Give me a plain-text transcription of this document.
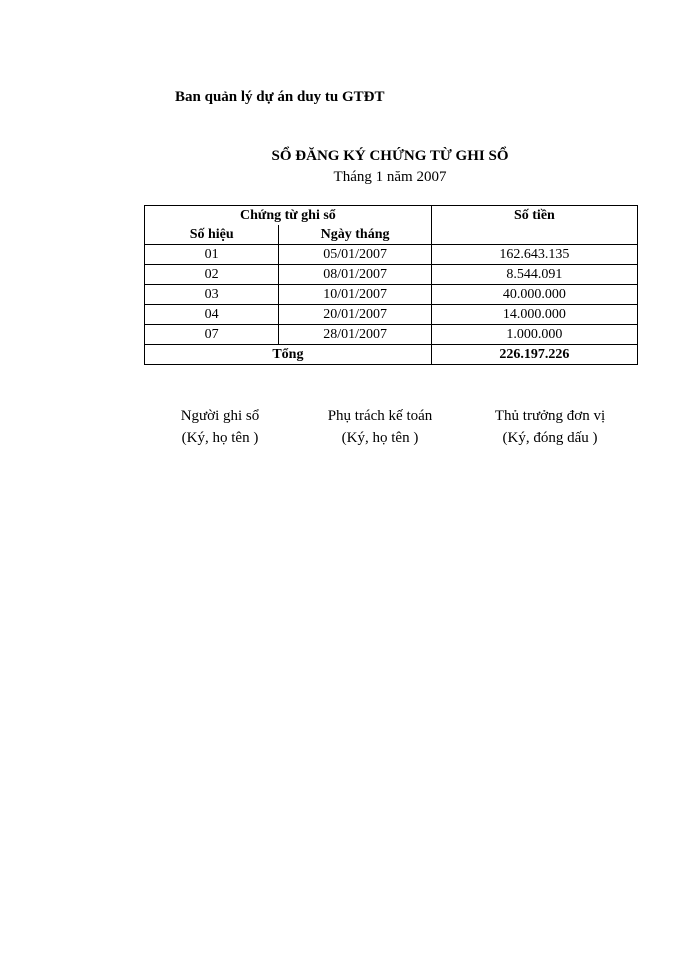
Ban quản lý dự án duy tu GTĐT
SỔ ĐĂNG KÝ CHỨNG TỪ GHI SỔ
Tháng 1 năm 2007
Chứng từ ghi sổ		Số tiền
Số hiệu	Ngày tháng	
01	05/01/2007	162.643.135
02	08/01/2007	8.544.091
03	10/01/2007	40.000.000
04	20/01/2007	14.000.000
07	28/01/2007	1.000.000
Tổng		226.197.226
Người ghi sổ
(Ký, họ tên )
Phụ trách kế toán
(Ký, họ tên )
Thủ trưởng đơn vị
(Ký, đóng dấu )
